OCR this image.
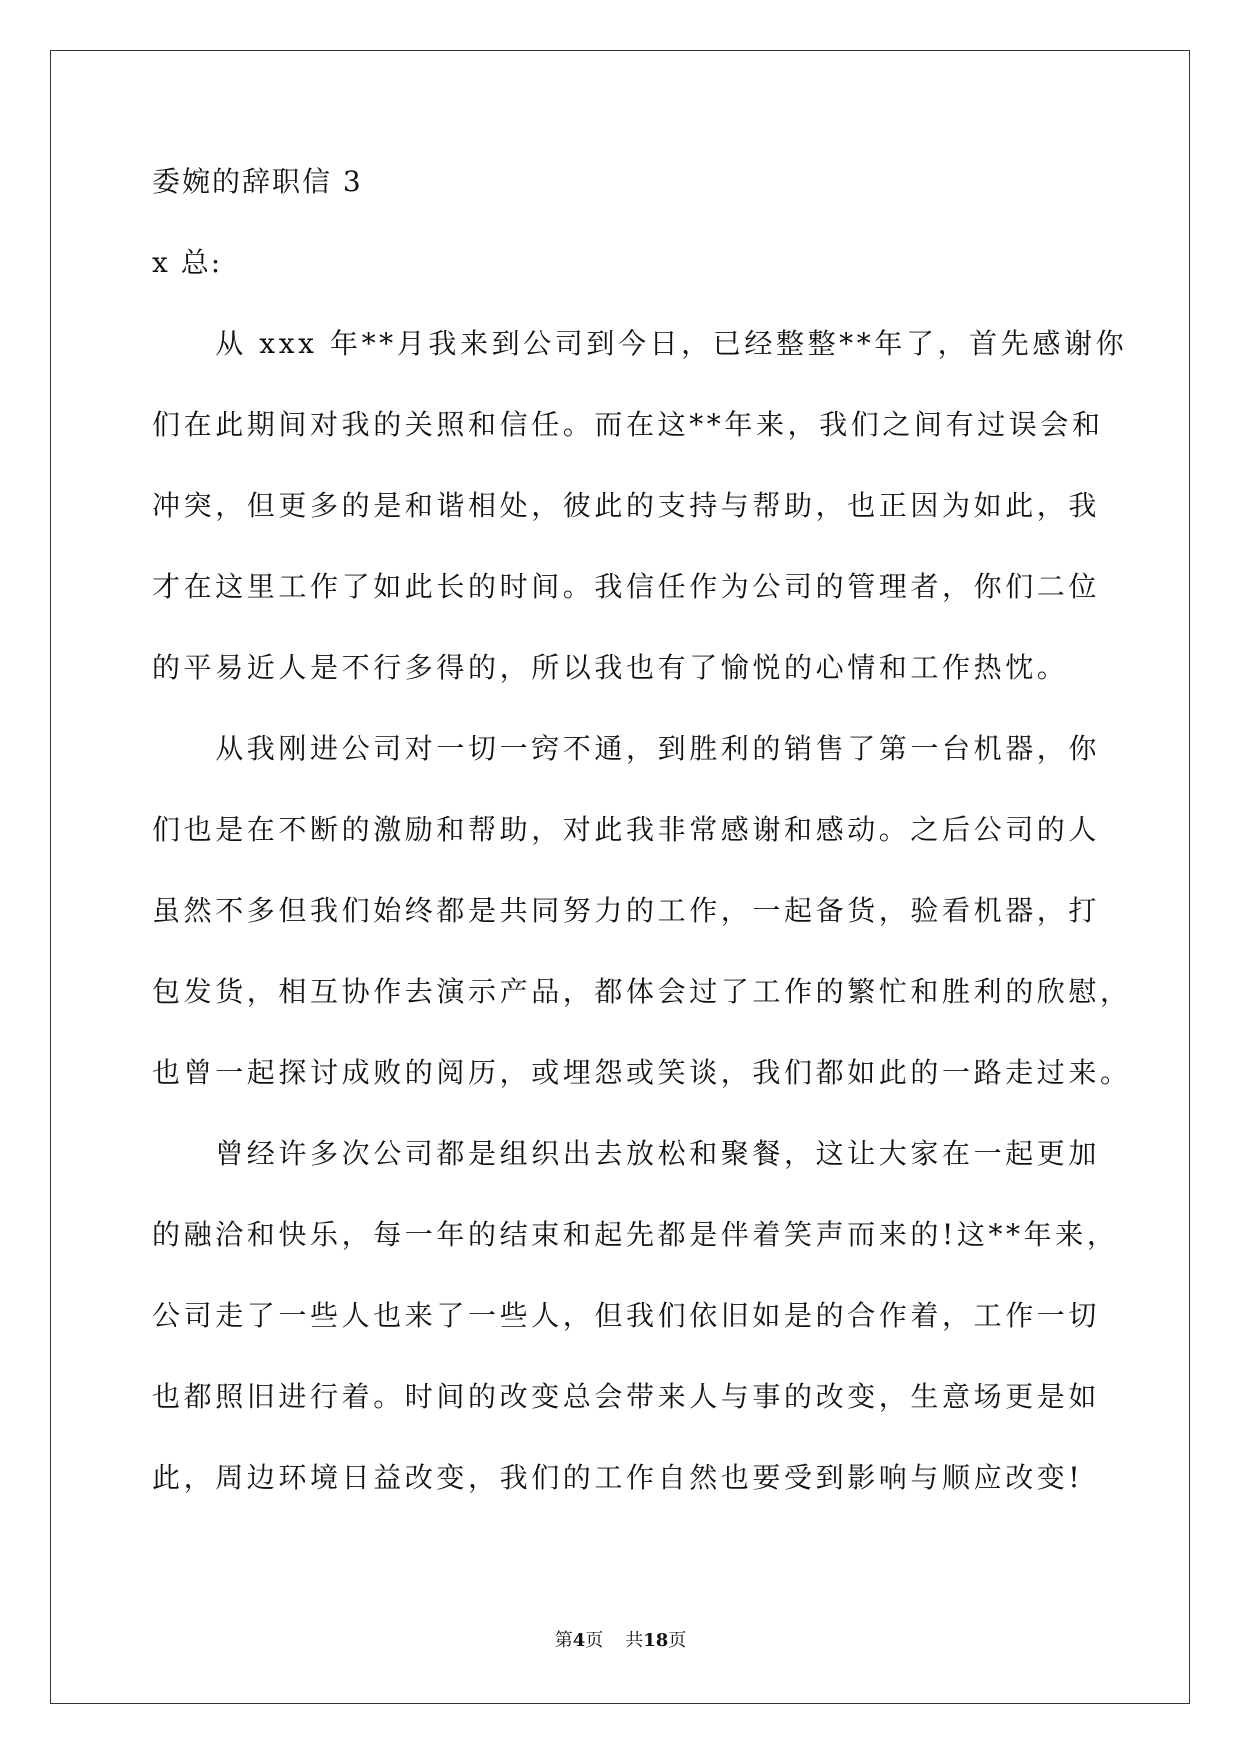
委婉的辞职信 3
x 总:
　　从 xxx 年**月我来到公司到今日，已经整整**年了，首先感谢你
们在此期间对我的关照和信任。而在这**年来，我们之间有过误会和
冲突，但更多的是和谐相处，彼此的支持与帮助，也正因为如此，我
才在这里工作了如此长的时间。我信任作为公司的管理者，你们二位
的平易近人是不行多得的，所以我也有了愉悦的心情和工作热忱。
　　从我刚进公司对一切一窍不通，到胜利的销售了第一台机器，你
们也是在不断的激励和帮助，对此我非常感谢和感动。之后公司的人
虽然不多但我们始终都是共同努力的工作，一起备货，验看机器，打
包发货，相互协作去演示产品，都体会过了工作的繁忙和胜利的欣慰，
也曾一起探讨成败的阅历，或埋怨或笑谈，我们都如此的一路走过来。
　　曾经许多次公司都是组织出去放松和聚餐，这让大家在一起更加
的融洽和快乐，每一年的结束和起先都是伴着笑声而来的!这**年来，
公司走了一些人也来了一些人，但我们依旧如是的合作着，工作一切
也都照旧进行着。时间的改变总会带来人与事的改变，生意场更是如
此，周边环境日益改变，我们的工作自然也要受到影响与顺应改变!
第4页 共18页
